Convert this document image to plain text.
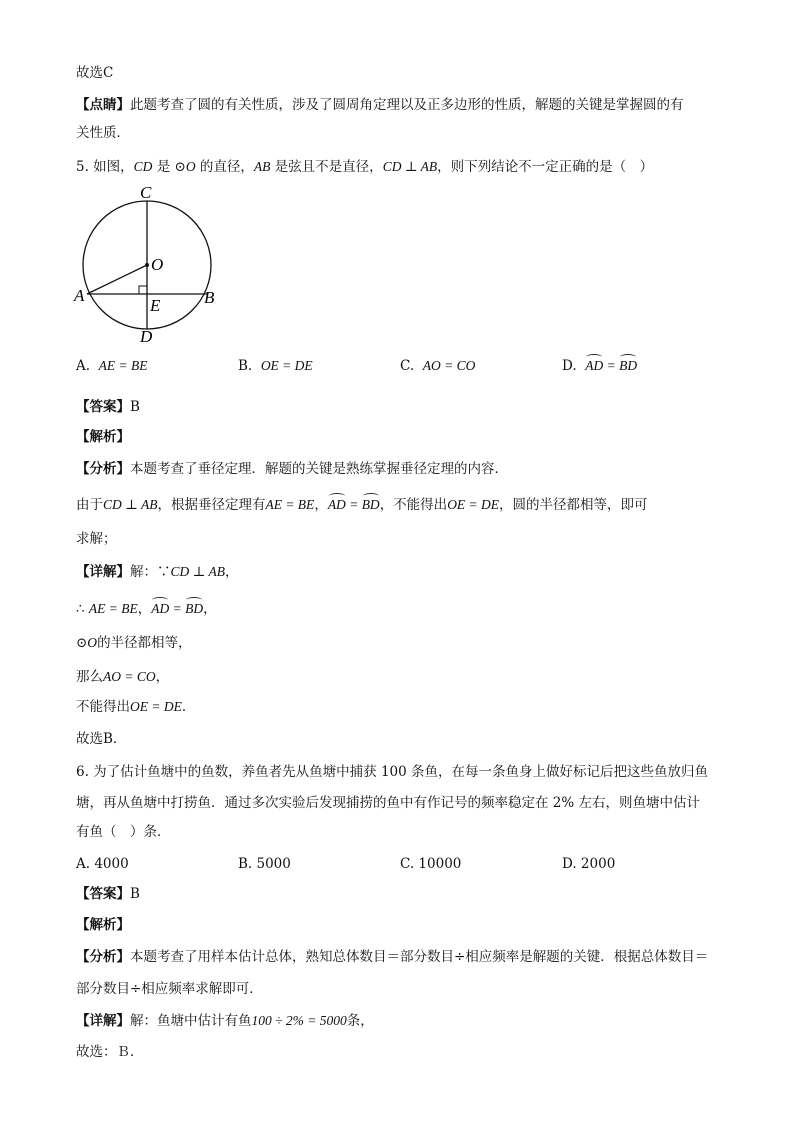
故选C
【点睛】此题考查了圆的有关性质，涉及了圆周角定理以及正多边形的性质，解题的关键是掌握圆的有
关性质．
5. 如图，CD 是 ⊙O 的直径，AB 是弦且不是直径，CD ⊥ AB，则下列结论不一定正确的是（　）
C
O
A	B
E
D
A. AE = BE	B. OE = DE	C. AO = CO	D. AD = BD
【答案】B
【解析】
【分析】本题考查了垂径定理．解题的关键是熟练掌握垂径定理的内容．
由于CD ⊥ AB，根据垂径定理有AE = BE，AD = BD，不能得出OE = DE，圆的半径都相等，即可
求解；
【详解】解：∵CD ⊥ AB，
∴ AE = BE，AD = BD，
⊙O的半径都相等，
那么AO = CO，
不能得出OE = DE．
故选B．
6. 为了估计鱼塘中的鱼数，养鱼者先从鱼塘中捕获 100 条鱼，在每一条鱼身上做好标记后把这些鱼放归鱼
塘，再从鱼塘中打捞鱼．通过多次实验后发现捕捞的鱼中有作记号的频率稳定在 2% 左右，则鱼塘中估计
有鱼（　）条．
A. 4000	B. 5000	C. 10000	D. 2000
【答案】B
【解析】
【分析】本题考查了用样本估计总体，熟知总体数目＝部分数目÷相应频率是解题的关键．根据总体数目＝
部分数目÷相应频率求解即可．
【详解】解：鱼塘中估计有鱼100 ÷ 2% = 5000条，
故选：Ｂ．
